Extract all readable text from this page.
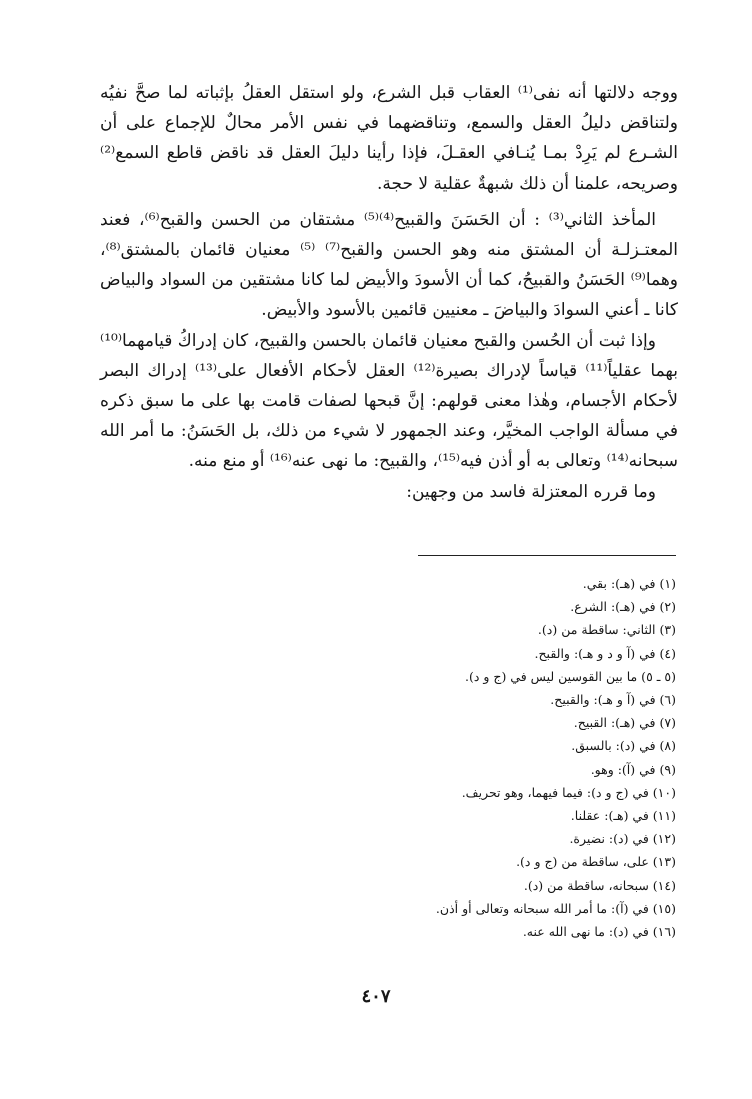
ووجه دلالتها أنه نفى⁽¹⁾ العقاب قبل الشرع، ولو استقل العقلُ بإثباته لما صحَّ نفيُه ولتناقض دليلُ العقل والسمع، وتناقضهما في نفس الأمر محالٌ للإجماع على أن الشـرع لم يَرِدْ بمـا يُنـافي العقـلَ، فإذا رأينا دليلَ العقل قد ناقض قاطع السمع⁽²⁾ وصريحه، علمنا أن ذلك شبهةٌ عقلية لا حجة.

المأخذ الثاني⁽³⁾ : أن الحَسَنَ والقبيح⁽⁴⁾⁽⁵⁾ مشتقان من الحسن والقبح⁽⁶⁾، فعند المعتـزلـة أن المشتق منه وهو الحسن والقبح⁽⁷⁾ ⁽⁵⁾ معنيان قائمان بالمشتق⁽⁸⁾، وهما⁽⁹⁾ الحَسَنُ والقبيحُ، كما أن الأسودَ والأبيض لما كانا مشتقين من السواد والبياض كانا ـ أعني السوادَ والبياضَ ـ معنيين قائمين بالأسود والأبيض.

وإذا ثبت أن الحُسن والقبح معنيان قائمان بالحسن والقبيح، كان إدراكُ قيامهما⁽¹⁰⁾ بهما عقلياً⁽¹¹⁾ قياساً لإدراك بصيرة⁽¹²⁾ العقل لأحكام الأفعال على⁽¹³⁾ إدراك البصر لأحكام الأجسام، وهٰذا معنى قولهم: إنَّ قبحها لصفات قامت بها على ما سبق ذكره في مسألة الواجب المخيَّر، وعند الجمهور لا شيء من ذلك، بل الحَسَنُ: ما أمر الله سبحانه⁽¹⁴⁾ وتعالى به أو أذن فيه⁽¹⁵⁾، والقبيح: ما نهى عنه⁽¹⁶⁾ أو منع منه.

وما قرره المعتزلة فاسد من وجهين:

(١) في (هـ): بقي.
(٢) في (هـ): الشرع.
(٣) الثاني: ساقطة من (د).
(٤) في (آ و د و هـ): والقبح.
(٥ ـ ٥) ما بين القوسين ليس في (ج و د).
(٦) في (آ و هـ): والقبيح.
(٧) في (هـ): القبيح.
(٨) في (د): بالسبق.
(٩) في (آ): وهو.
(١٠) في (ج و د): فيما فيهما، وهو تحريف.
(١١) في (هـ): عقلنا.
(١٢) في (د): نضيرة.
(١٣) على، ساقطة من (ج و د).
(١٤) سبحانه، ساقطة من (د).
(١٥) في (آ): ما أمر الله سبحانه وتعالى أو أذن.
(١٦) في (د): ما نهى الله عنه.
٤٠٧
